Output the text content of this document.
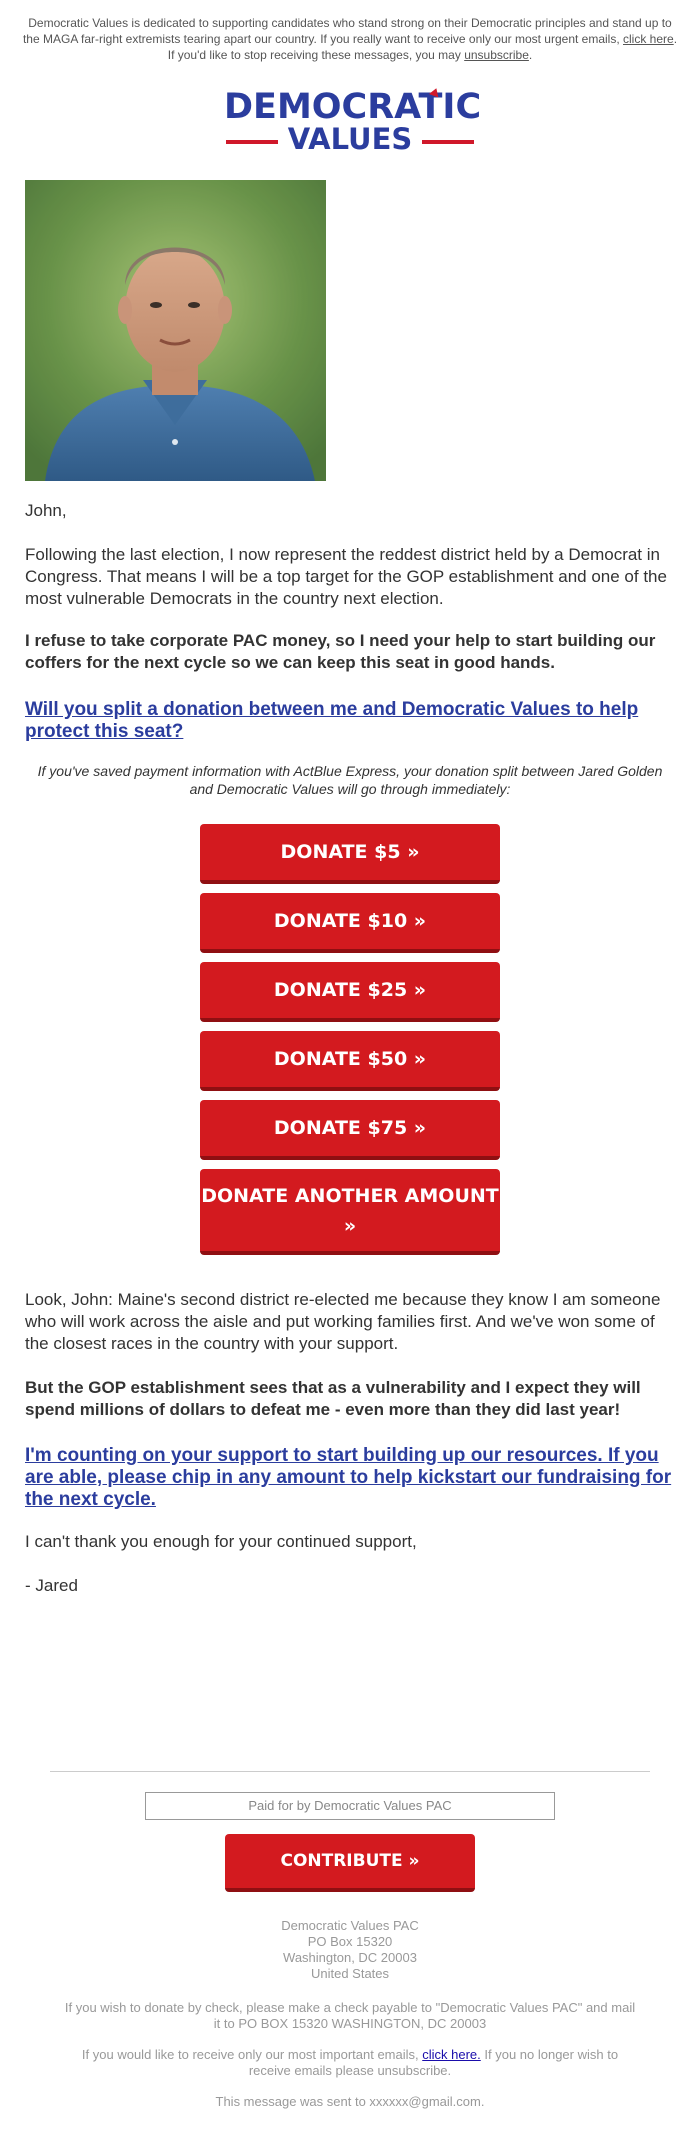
Democratic Values is dedicated to supporting candidates who stand strong on their Democratic principles and stand up to the MAGA far-right extremists tearing apart our country. If you really want to receive only our most urgent emails, click here. If you'd like to stop receiving these messages, you may unsubscribe.
DEMOCRATIC
VALUES
John,
Following the last election, I now represent the reddest district held by a Democrat in Congress. That means I will be a top target for the GOP establishment and one of the most vulnerable Democrats in the country next election.
I refuse to take corporate PAC money, so I need your help to start building our coffers for the next cycle so we can keep this seat in good hands.
Will you split a donation between me and Democratic Values to help protect this seat?
If you've saved payment information with ActBlue Express, your donation split between Jared Golden and Democratic Values will go through immediately:
DONATE $5 »
DONATE $10 »
DONATE $25 »
DONATE $50 »
DONATE $75 »
DONATE ANOTHER AMOUNT
»
Look, John: Maine's second district re-elected me because they know I am someone who will work across the aisle and put working families first. And we've won some of the closest races in the country with your support.
But the GOP establishment sees that as a vulnerability and I expect they will spend millions of dollars to defeat me - even more than they did last year!
I'm counting on your support to start building up our resources. If you are able, please chip in any amount to help kickstart our fundraising for the next cycle.
I can't thank you enough for your continued support,
- Jared
Paid for by Democratic Values PAC
CONTRIBUTE »
Democratic Values PAC
PO Box 15320
Washington, DC 20003
United States
If you wish to donate by check, please make a check payable to "Democratic Values PAC" and mail it to PO BOX 15320 WASHINGTON, DC 20003
If you would like to receive only our most important emails, click here. If you no longer wish to receive emails please unsubscribe.
This message was sent to xxxxxx@gmail.com.
